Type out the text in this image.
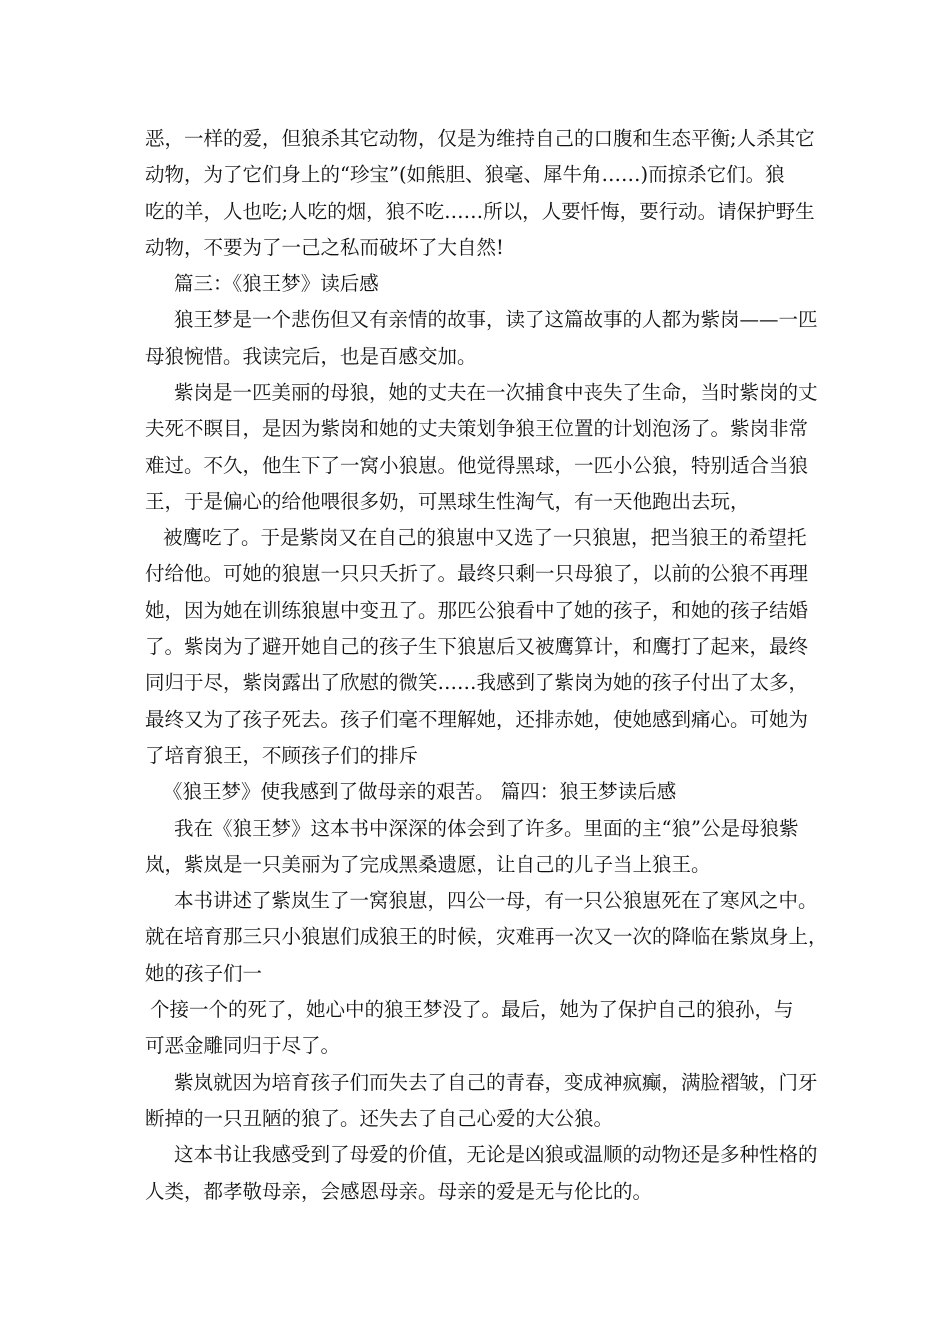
恶，一样的爱，但狼杀其它动物，仅是为维持自己的口腹和生态平衡;人杀其它
动物，为了它们身上的“珍宝”(如熊胆、狼毫、犀牛角……)而掠杀它们。狼
吃的羊，人也吃;人吃的烟，狼不吃……所以，人要忏悔，要行动。请保护野生
动物，不要为了一己之私而破坏了大自然!
篇三：《狼王梦》读后感
狼王梦是一个悲伤但又有亲情的故事，读了这篇故事的人都为紫岗——一匹
母狼惋惜。我读完后，也是百感交加。
紫岗是一匹美丽的母狼，她的丈夫在一次捕食中丧失了生命，当时紫岗的丈
夫死不瞑目，是因为紫岗和她的丈夫策划争狼王位置的计划泡汤了。紫岗非常
难过。不久，他生下了一窝小狼崽。他觉得黑球，一匹小公狼，特别适合当狼
王，于是偏心的给他喂很多奶，可黑球生性淘气，有一天他跑出去玩，
被鹰吃了。于是紫岗又在自己的狼崽中又选了一只狼崽，把当狼王的希望托
付给他。可她的狼崽一只只夭折了。最终只剩一只母狼了，以前的公狼不再理
她，因为她在训练狼崽中变丑了。那匹公狼看中了她的孩子，和她的孩子结婚
了。紫岗为了避开她自己的孩子生下狼崽后又被鹰算计，和鹰打了起来，最终
同归于尽，紫岗露出了欣慰的微笑……我感到了紫岗为她的孩子付出了太多，
最终又为了孩子死去。孩子们毫不理解她，还排赤她，使她感到痛心。可她为
了培育狼王，不顾孩子们的排斥
《狼王梦》使我感到了做母亲的艰苦。 篇四：狼王梦读后感
我在《狼王梦》这本书中深深的体会到了许多。里面的主“狼”公是母狼紫
岚，紫岚是一只美丽为了完成黑桑遗愿，让自己的儿子当上狼王。
本书讲述了紫岚生了一窝狼崽，四公一母，有一只公狼崽死在了寒风之中。
就在培育那三只小狼崽们成狼王的时候，灾难再一次又一次的降临在紫岚身上，
她的孩子们一
个接一个的死了，她心中的狼王梦没了。最后，她为了保护自己的狼孙，与
可恶金雕同归于尽了。
紫岚就因为培育孩子们而失去了自己的青春，变成神疯癫，满脸褶皱，门牙
断掉的一只丑陋的狼了。还失去了自己心爱的大公狼。
这本书让我感受到了母爱的价值，无论是凶狼或温顺的动物还是多种性格的
人类，都孝敬母亲，会感恩母亲。母亲的爱是无与伦比的。
